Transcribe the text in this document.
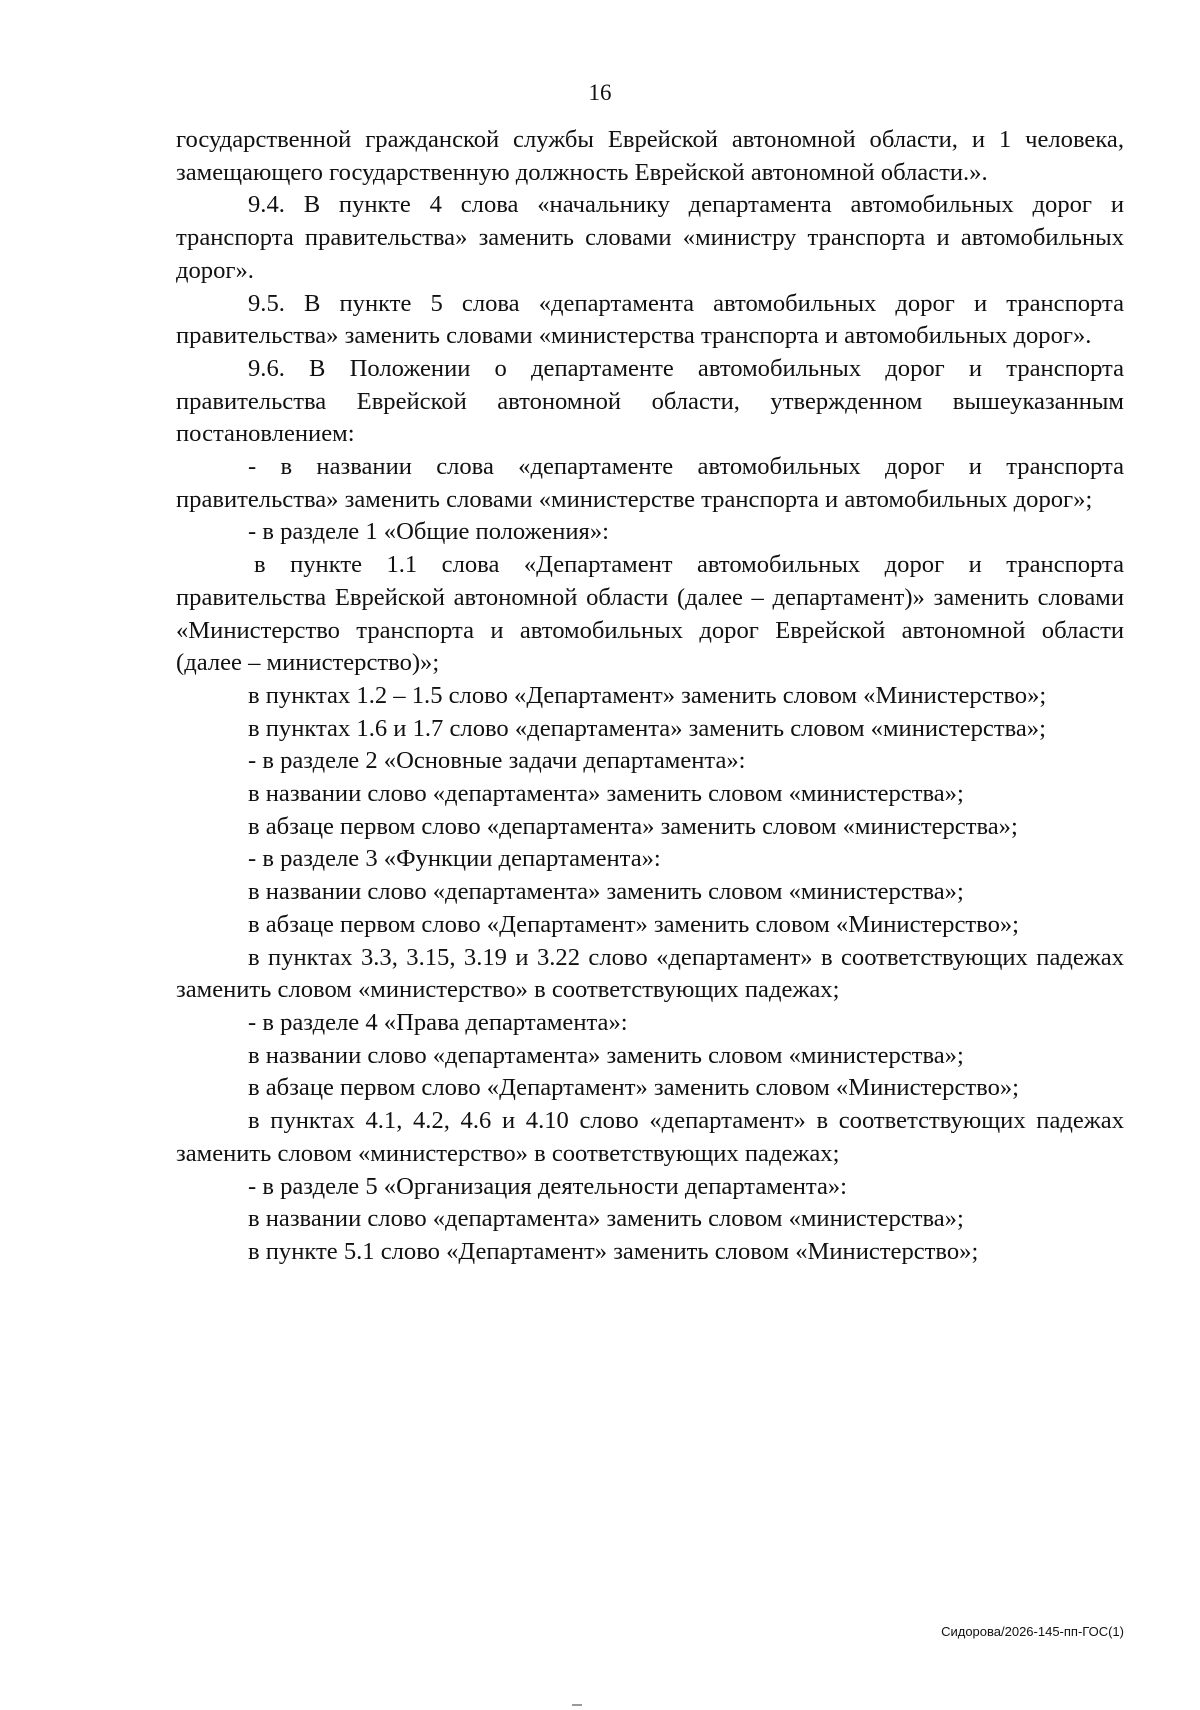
16

государственной гражданской службы Еврейской автономной области, и 1 человека, замещающего государственную должность Еврейской автономной области.».

9.4. В пункте 4 слова «начальнику департамента автомобильных дорог и транспорта правительства» заменить словами «министру транспорта и автомобильных дорог».

9.5. В пункте 5 слова «департамента автомобильных дорог и транспорта правительства» заменить словами «министерства транспорта и автомобильных дорог».

9.6. В Положении о департаменте автомобильных дорог и транспорта правительства Еврейской автономной области, утвержденном вышеуказанным постановлением:

- в названии слова «департаменте автомобильных дорог и транспорта правительства» заменить словами «министерстве транспорта и автомобильных дорог»;

- в разделе 1 «Общие положения»:

в пункте 1.1 слова «Департамент автомобильных дорог и транспорта правительства Еврейской автономной области (далее – департамент)» заменить словами «Министерство транспорта и автомобильных дорог Еврейской автономной области (далее – министерство)»;

в пунктах 1.2 – 1.5 слово «Департамент» заменить словом «Министерство»;

в пунктах 1.6 и 1.7 слово «департамента» заменить словом «министерства»;

- в разделе 2 «Основные задачи департамента»:

в названии слово «департамента» заменить словом «министерства»;

в абзаце первом слово «департамента» заменить словом «министерства»;

- в разделе 3 «Функции департамента»:

в названии слово «департамента» заменить словом «министерства»;

в абзаце первом слово «Департамент» заменить словом «Министерство»;

в пунктах 3.3, 3.15, 3.19 и 3.22 слово «департамент» в соответствующих падежах заменить словом «министерство» в соответствующих падежах;

- в разделе 4 «Права департамента»:

в названии слово «департамента» заменить словом «министерства»;

в абзаце первом слово «Департамент» заменить словом «Министерство»;

в пунктах 4.1, 4.2, 4.6 и 4.10 слово «департамент» в соответствующих падежах заменить словом «министерство» в соответствующих падежах;

- в разделе 5 «Организация деятельности департамента»:

в названии слово «департамента» заменить словом «министерства»;

в пункте 5.1 слово «Департамент» заменить словом «Министерство»;

Сидорова/2026-145-пп-ГОС(1)
